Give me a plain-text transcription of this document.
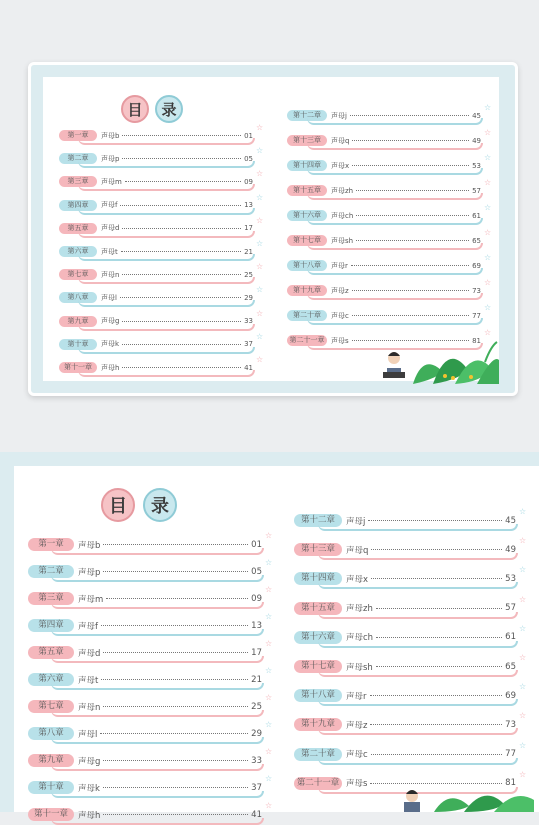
目	录
第一章	声母b	01
☆
第二章	声母p	05
☆
第三章	声母m	09
☆
第四章	声母f	13
☆
第五章	声母d	17
☆
第六章	声母t	21
☆
第七章	声母n	25
☆
第八章	声母l	29
☆
第九章	声母g	33
☆
第十章	声母k	37
☆
第十一章	声母h	41
☆
第十二章	声母j	45
☆
第十三章	声母q	49
☆
第十四章	声母x	53
☆
第十五章	声母zh	57
☆
第十六章	声母ch	61
☆
第十七章	声母sh	65
☆
第十八章	声母r	69
☆
第十九章	声母z	73
☆
第二十章	声母c	77
☆
第二十一章 声母s	81
☆
目	录
第一章	声母b	01
☆
第二章	声母p	05
☆
第三章	声母m	09
☆
第四章	声母f	13
☆
第五章	声母d	17
☆
第六章	声母t	21
☆
第七章	声母n	25
☆
第八章	声母l	29
☆
第九章	声母g	33
☆
第十章	声母k	37
☆
第十一章	声母h	41
☆
第十二章	声母j	45
☆
第十三章	声母q	49
☆
第十四章	声母x	53
☆
第十五章	声母zh	57
☆
第十六章	声母ch	61
☆
第十七章	声母sh	65
☆
第十八章	声母r	69
☆
第十九章	声母z	73
☆
第二十章	声母c	77
☆
第二十一章 声母s	81
☆
